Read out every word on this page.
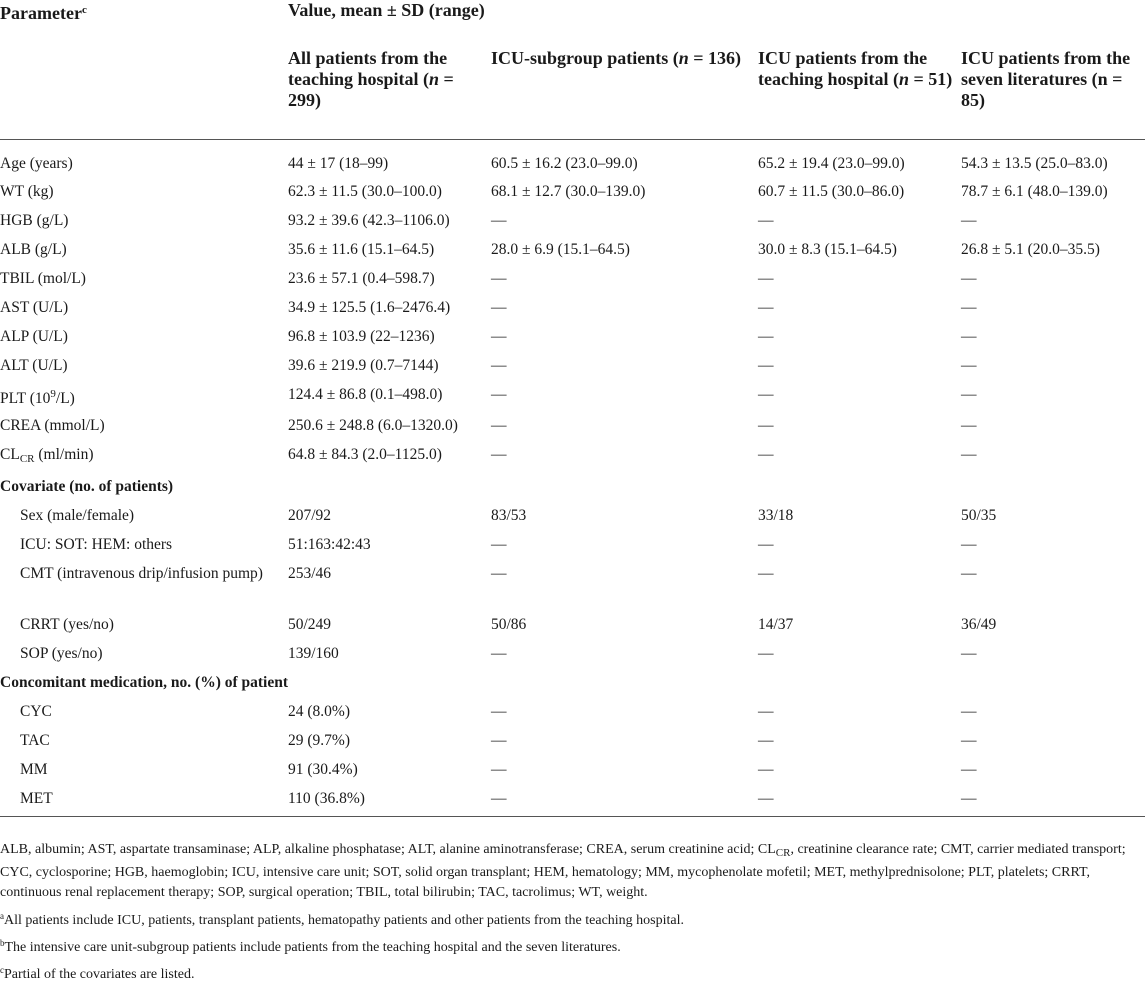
Parameter$^c$	Value, mean ± SD (range)			
	All patients from the teaching hospital (n = 299)	ICU-subgroup patients (n = 136)	ICU patients from the teaching hospital (n = 51)	ICU patients from the seven literatures (n = 85)
Age (years)	44 ± 17 (18–99)	60.5 ± 16.2 (23.0–99.0)	65.2 ± 19.4 (23.0–99.0)	54.3 ± 13.5 (25.0–83.0)
WT (kg)	62.3 ± 11.5 (30.0–100.0)	68.1 ± 12.7 (30.0–139.0)	60.7 ± 11.5 (30.0–86.0)	78.7 ± 6.1 (48.0–139.0)
HGB (g/L)	93.2 ± 39.6 (42.3–1106.0)	—	—	—
ALB (g/L)	35.6 ± 11.6 (15.1–64.5)	28.0 ± 6.9 (15.1–64.5)	30.0 ± 8.3 (15.1–64.5)	26.8 ± 5.1 (20.0–35.5)
TBIL (mol/L)	23.6 ± 57.1 (0.4–598.7)	—	—	—
AST (U/L)	34.9 ± 125.5 (1.6–2476.4)	—	—	—
ALP (U/L)	96.8 ± 103.9 (22–1236)	—	—	—
ALT (U/L)	39.6 ± 219.9 (0.7–7144)	—	—	—
PLT $(10^9/L)$	124.4 ± 86.8 (0.1–498.0)	—	—	—
CREA (mmol/L)	250.6 ± 248.8 (6.0–1320.0)	—	—	—
$CL_{CR}$ (ml/min)	64.8 ± 84.3 (2.0–1125.0)	—	—	—
Covariate (no. of patients)				
Sex (male/female)	207/92	83/53	33/18	50/35
ICU: SOT: HEM: others	51:163:42:43	—	—	—
CMT (intravenous drip/infusion pump)	253/46	—	—	—
CRRT (yes/no)	50/249	50/86	14/37	36/49
SOP (yes/no)	139/160	—	—	—
Concomitant medication, no. (%) of patient				
CYC	24 (8.0%)	—	—	—
TAC	29 (9.7%)	—	—	—
MM	91 (30.4%)	—	—	—
MET	110 (36.8%)	—	—	—

ALB, albumin; AST, aspartate transaminase; ALP, alkaline phosphatase; ALT, alanine aminotransferase; CREA, serum creatinine acid; $CL_{CR}$, creatinine clearance rate; CMT, carrier mediated transport; CYC, cyclosporine; HGB, haemoglobin; ICU, intensive care unit; SOT, solid organ transplant; HEM, hematology; MM, mycophenolate mofetil; MET, methylprednisolone; PLT, platelets; CRRT, continuous renal replacement therapy; SOP, surgical operation; TBIL, total bilirubin; TAC, tacrolimus; WT, weight.

$^a$All patients include ICU, patients, transplant patients, hematopathy patients and other patients from the teaching hospital.

$^b$The intensive care unit-subgroup patients include patients from the teaching hospital and the seven literatures.

$^c$Partial of the covariates are listed.
